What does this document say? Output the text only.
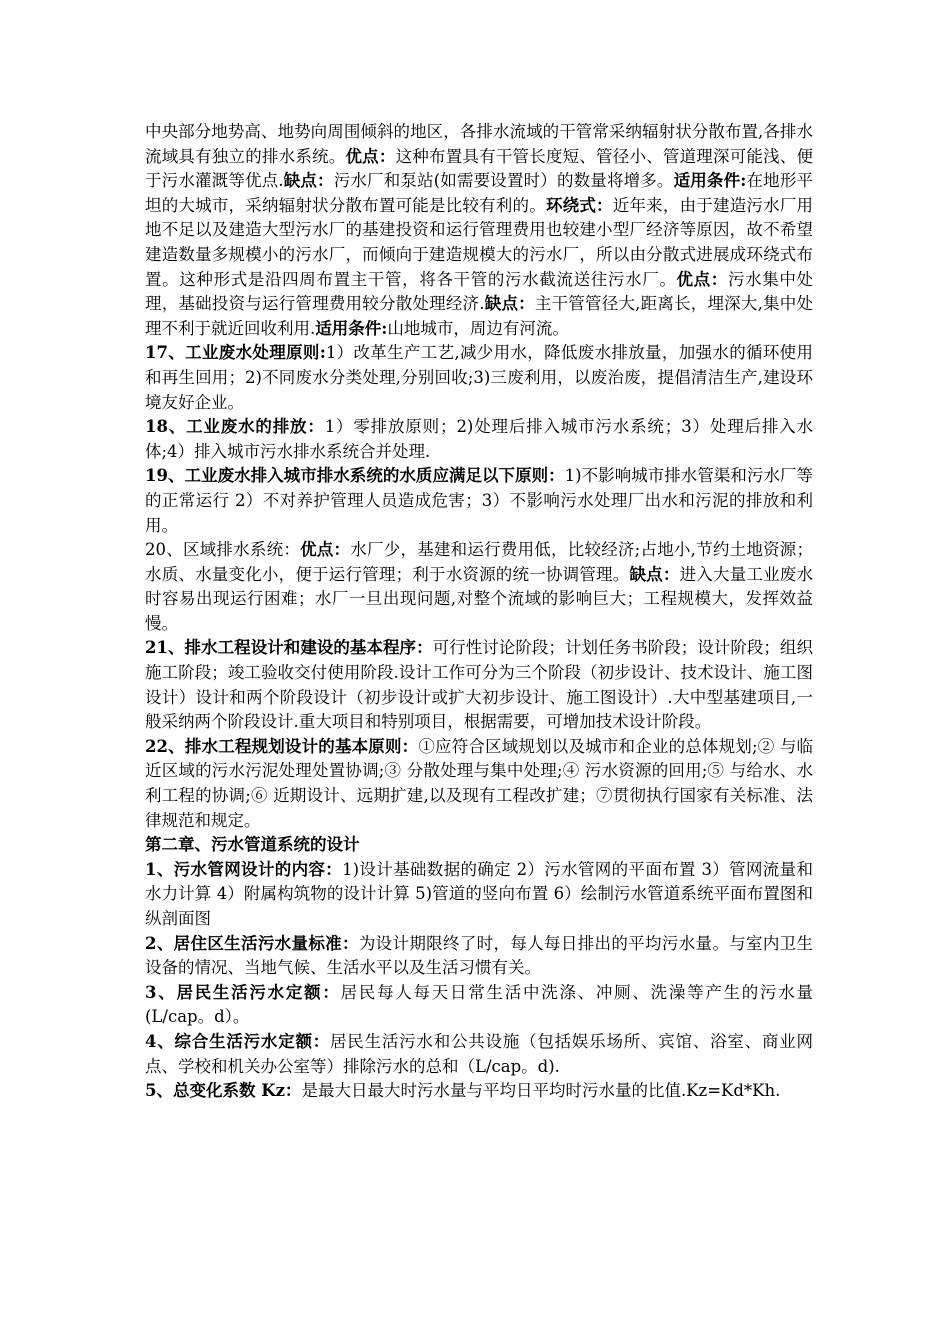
中央部分地势高、地势向周围倾斜的地区，各排水流域的干管常采纳辐射状分散布置,各排水流域具有独立的排水系统。优点：这种布置具有干管长度短、管径小、管道理深可能浅、便于污水灌溉等优点.缺点：污水厂和泵站(如需要设置时）的数量将增多。适用条件:在地形平坦的大城市，采纳辐射状分散布置可能是比较有利的。环绕式：近年来，由于建造污水厂用地不足以及建造大型污水厂的基建投资和运行管理费用也较建小型厂经济等原因，故不希望建造数量多规模小的污水厂，而倾向于建造规模大的污水厂，所以由分散式进展成环绕式布置。这种形式是沿四周布置主干管，将各干管的污水截流送往污水厂。优点：污水集中处理，基础投资与运行管理费用较分散处理经济.缺点：主干管管径大,距离长，埋深大,集中处理不利于就近回收利用.适用条件:山地城市，周边有河流。

17、工业废水处理原则:1）改革生产工艺,减少用水，降低废水排放量，加强水的循环使用和再生回用；2)不同废水分类处理,分别回收;3)三废利用，以废治废，提倡清洁生产,建设环境友好企业。

18、工业废水的排放：1）零排放原则；2)处理后排入城市污水系统；3）处理后排入水体;4）排入城市污水排水系统合并处理.

19、工业废水排入城市排水系统的水质应满足以下原则：1)不影响城市排水管渠和污水厂等的正常运行 2）不对养护管理人员造成危害；3）不影响污水处理厂出水和污泥的排放和利用。

20、区域排水系统：优点：水厂少，基建和运行费用低，比较经济;占地小,节约土地资源；水质、水量变化小，便于运行管理；利于水资源的统一协调管理。缺点：进入大量工业废水时容易出现运行困难；水厂一旦出现问题,对整个流域的影响巨大；工程规模大，发挥效益慢。

21、排水工程设计和建设的基本程序：可行性讨论阶段；计划任务书阶段；设计阶段；组织施工阶段；竣工验收交付使用阶段.设计工作可分为三个阶段（初步设计、技术设计、施工图设计）设计和两个阶段设计（初步设计或扩大初步设计、施工图设计）.大中型基建项目,一般采纳两个阶段设计.重大项目和特别项目，根据需要，可增加技术设计阶段。

22、排水工程规划设计的基本原则：①应符合区域规划以及城市和企业的总体规划;② 与临近区域的污水污泥处理处置协调;③ 分散处理与集中处理;④ 污水资源的回用;⑤ 与给水、水利工程的协调;⑥ 近期设计、远期扩建,以及现有工程改扩建；⑦贯彻执行国家有关标准、法律规范和规定。

第二章、污水管道系统的设计

1、污水管网设计的内容：1)设计基础数据的确定 2）污水管网的平面布置 3）管网流量和水力计算 4）附属构筑物的设计计算 5)管道的竖向布置 6）绘制污水管道系统平面布置图和纵剖面图

2、居住区生活污水量标准：为设计期限终了时，每人每日排出的平均污水量。与室内卫生设备的情况、当地气候、生活水平以及生活习惯有关。

3、居民生活污水定额：居民每人每天日常生活中洗涤、冲厕、洗澡等产生的污水量(L/cap。d）。

4、综合生活污水定额：居民生活污水和公共设施（包括娱乐场所、宾馆、浴室、商业网点、学校和机关办公室等）排除污水的总和（L/cap。d).

5、总变化系数 Kz：是最大日最大时污水量与平均日平均时污水量的比值.Kz=Kd*Kh.
